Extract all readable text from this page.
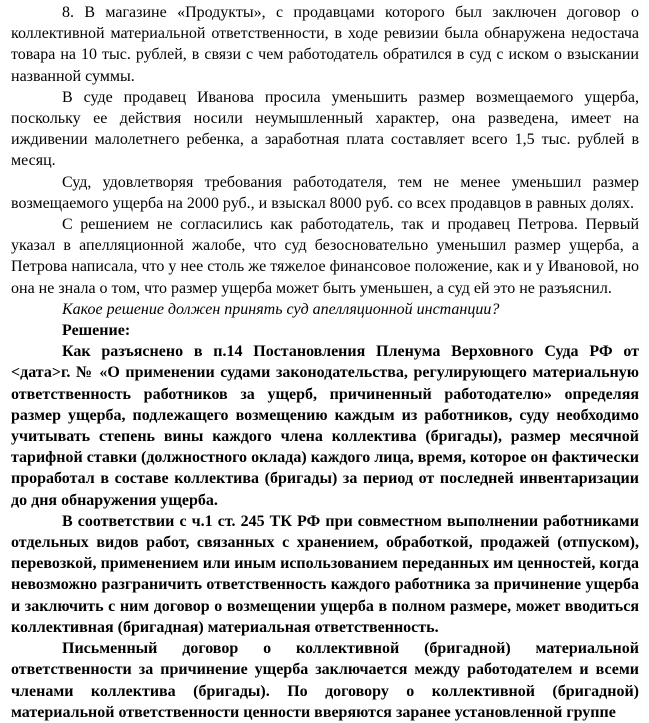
8. В магазине «Продукты», с продавцами которого был заключен договор о коллективной материальной ответственности, в ходе ревизии была обнаружена недостача товара на 10 тыс. рублей, в связи с чем работодатель обратился в суд с иском о взыскании названной суммы.

В суде продавец Иванова просила уменьшить размер возмещаемого ущерба, поскольку ее действия носили неумышленный характер, она разведена, имеет на иждивении малолетнего ребенка, а заработная плата составляет всего 1,5 тыс. рублей в месяц.

Суд, удовлетворяя требования работодателя, тем не менее уменьшил размер возмещаемого ущерба на 2000 руб., и взыскал 8000 руб. со всех продавцов в равных долях.

С решением не согласились как работодатель, так и продавец Петрова. Первый указал в апелляционной жалобе, что суд безосновательно уменьшил размер ущерба, а Петрова написала, что у нее столь же тяжелое финансовое положение, как и у Ивановой, но она не знала о том, что размер ущерба может быть уменьшен, а суд ей это не разъяснил.

Какое решение должен принять суд апелляционной инстанции?

Решение:

Как разъяснено в п.14 Постановления Пленума Верховного Суда РФ от <дата>г. № «О применении судами законодательства, регулирующего материальную ответственность работников за ущерб, причиненный работодателю» определяя размер ущерба, подлежащего возмещению каждым из работников, суду необходимо учитывать степень вины каждого члена коллектива (бригады), размер месячной тарифной ставки (должностного оклада) каждого лица, время, которое он фактически проработал в составе коллектива (бригады) за период от последней инвентаризации до дня обнаружения ущерба.

В соответствии с ч.1 ст. 245 ТК РФ при совместном выполнении работниками отдельных видов работ, связанных с хранением, обработкой, продажей (отпуском), перевозкой, применением или иным использованием переданных им ценностей, когда невозможно разграничить ответственность каждого работника за причинение ущерба и заключить с ним договор о возмещении ущерба в полном размере, может вводиться коллективная (бригадная) материальная ответственность.

Письменный договор о коллективной (бригадной) материальной ответственности за причинение ущерба заключается между работодателем и всеми членами коллектива (бригады). По договору о коллективной (бригадной) материальной ответственности ценности вверяются заранее установленной группе
